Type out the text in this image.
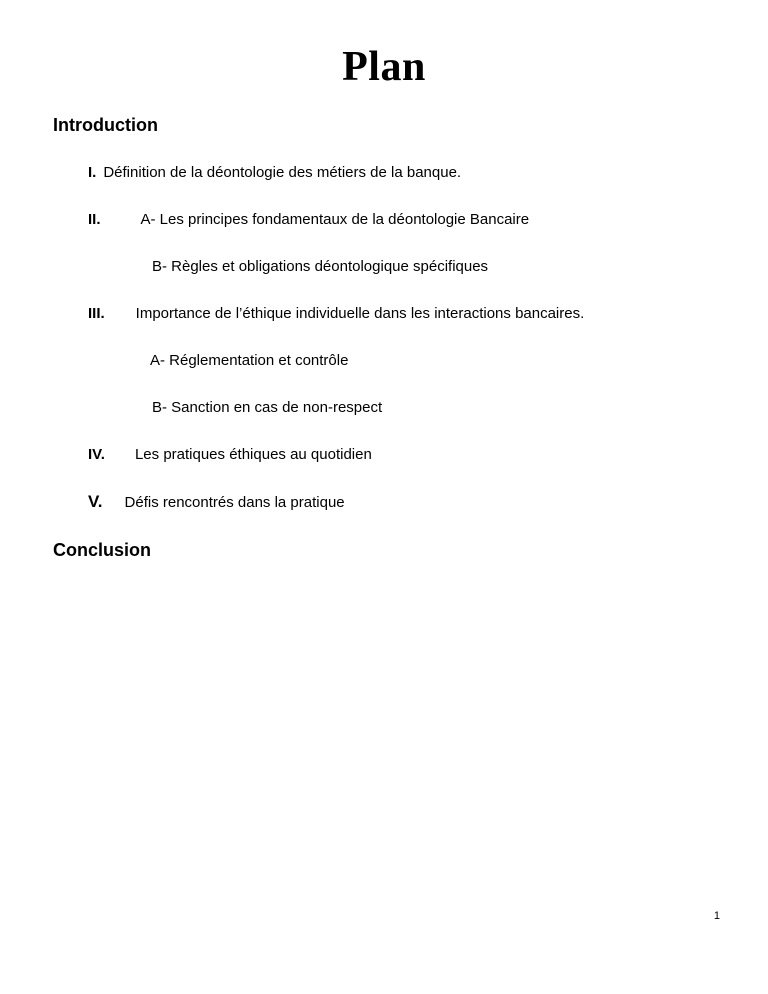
Plan
Introduction
I. Définition de la déontologie des métiers de la banque.
II.	A- Les principes fondamentaux de la déontologie Bancaire
B- Règles et obligations déontologique spécifiques
III. Importance de l’éthique individuelle dans les interactions bancaires.
A- Réglementation et contrôle
B- Sanction en cas de non-respect
IV. Les pratiques éthiques au quotidien
V. Défis rencontrés dans la pratique
Conclusion
1
